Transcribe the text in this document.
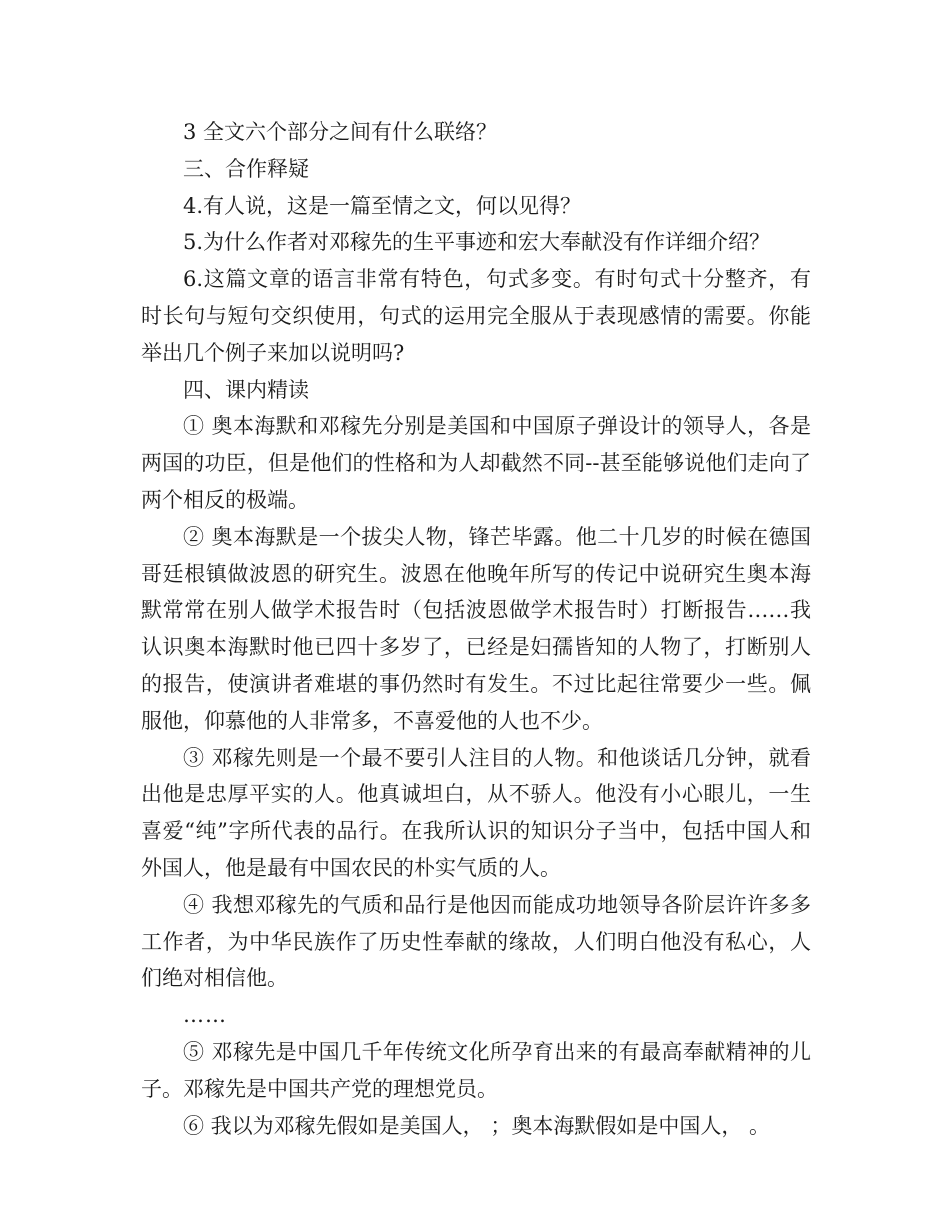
3 全文六个部分之间有什么联络？

三、合作释疑

4.有人说，这是一篇至情之文，何以见得？

5.为什么作者对邓稼先的生平事迹和宏大奉献没有作详细介绍？

6.这篇文章的语言非常有特色，句式多变。有时句式十分整齐，有时长句与短句交织使用，句式的运用完全服从于表现感情的需要。你能举出几个例子来加以说明吗?

四、课内精读

① 奥本海默和邓稼先分别是美国和中国原子弹设计的领导人，各是两国的功臣，但是他们的性格和为人却截然不同--甚至能够说他们走向了两个相反的极端。

② 奥本海默是一个拔尖人物，锋芒毕露。他二十几岁的时候在德国哥廷根镇做波恩的研究生。波恩在他晚年所写的传记中说研究生奥本海默常常在别人做学术报告时（包括波恩做学术报告时）打断报告……我认识奥本海默时他已四十多岁了，已经是妇孺皆知的人物了，打断别人的报告，使演讲者难堪的事仍然时有发生。不过比起往常要少一些。佩服他，仰慕他的人非常多，不喜爱他的人也不少。

③ 邓稼先则是一个最不要引人注目的人物。和他谈话几分钟，就看出他是忠厚平实的人。他真诚坦白，从不骄人。他没有小心眼儿，一生喜爱“纯”字所代表的品行。在我所认识的知识分子当中，包括中国人和外国人，他是最有中国农民的朴实气质的人。

④ 我想邓稼先的气质和品行是他因而能成功地领导各阶层许许多多工作者，为中华民族作了历史性奉献的缘故，人们明白他没有私心，人们绝对相信他。

……

⑤ 邓稼先是中国几千年传统文化所孕育出来的有最高奉献精神的儿子。邓稼先是中国共产党的理想党员。

⑥ 我以为邓稼先假如是美国人， ；奥本海默假如是中国人， 。
